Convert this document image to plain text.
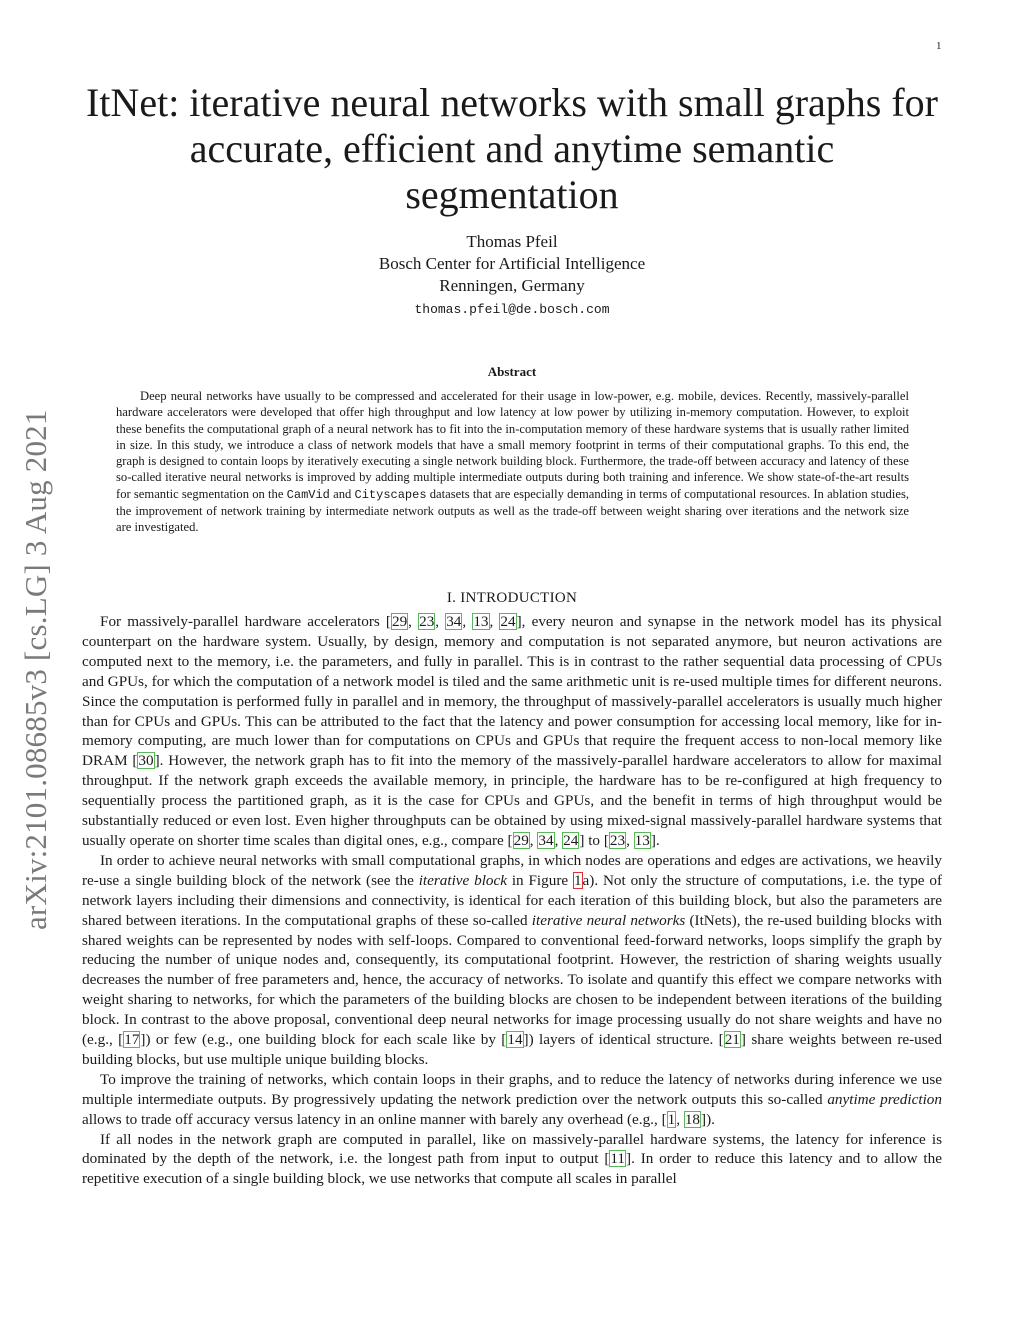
1
arXiv:2101.08685v3 [cs.LG] 3 Aug 2021
ItNet: iterative neural networks with small graphs for accurate, efficient and anytime semantic segmentation
Thomas Pfeil
Bosch Center for Artificial Intelligence
Renningen, Germany
thomas.pfeil@de.bosch.com
Abstract

Deep neural networks have usually to be compressed and accelerated for their usage in low-power, e.g. mobile, devices. Recently, massively-parallel hardware accelerators were developed that offer high throughput and low latency at low power by utilizing in-memory computation. However, to exploit these benefits the computational graph of a neural network has to fit into the in-computation memory of these hardware systems that is usually rather limited in size. In this study, we introduce a class of network models that have a small memory footprint in terms of their computational graphs. To this end, the graph is designed to contain loops by iteratively executing a single network building block. Furthermore, the trade-off between accuracy and latency of these so-called iterative neural networks is improved by adding multiple intermediate outputs during both training and inference. We show state-of-the-art results for semantic segmentation on the CamVid and Cityscapes datasets that are especially demanding in terms of computational resources. In ablation studies, the improvement of network training by intermediate network outputs as well as the trade-off between weight sharing over iterations and the network size are investigated.

I. INTRODUCTION

For massively-parallel hardware accelerators [29, 23, 34, 13, 24], every neuron and synapse in the network model has its physical counterpart on the hardware system. Usually, by design, memory and computation is not separated anymore, but neuron activations are computed next to the memory, i.e. the parameters, and fully in parallel. This is in contrast to the rather sequential data processing of CPUs and GPUs, for which the computation of a network model is tiled and the same arithmetic unit is re-used multiple times for different neurons. Since the computation is performed fully in parallel and in memory, the throughput of massively-parallel accelerators is usually much higher than for CPUs and GPUs. This can be attributed to the fact that the latency and power consumption for accessing local memory, like for in-memory computing, are much lower than for computations on CPUs and GPUs that require the frequent access to non-local memory like DRAM [30]. However, the network graph has to fit into the memory of the massively-parallel hardware accelerators to allow for maximal throughput. If the network graph exceeds the available memory, in principle, the hardware has to be re-configured at high frequency to sequentially process the partitioned graph, as it is the case for CPUs and GPUs, and the benefit in terms of high throughput would be substantially reduced or even lost. Even higher throughputs can be obtained by using mixed-signal massively-parallel hardware systems that usually operate on shorter time scales than digital ones, e.g., compare [29, 34, 24] to [23, 13].

In order to achieve neural networks with small computational graphs, in which nodes are operations and edges are activations, we heavily re-use a single building block of the network (see the iterative block in Figure 1a). Not only the structure of computations, i.e. the type of network layers including their dimensions and connectivity, is identical for each iteration of this building block, but also the parameters are shared between iterations. In the computational graphs of these so-called iterative neural networks (ItNets), the re-used building blocks with shared weights can be represented by nodes with self-loops. Compared to conventional feed-forward networks, loops simplify the graph by reducing the number of unique nodes and, consequently, its computational footprint. However, the restriction of sharing weights usually decreases the number of free parameters and, hence, the accuracy of networks. To isolate and quantify this effect we compare networks with weight sharing to networks, for which the parameters of the building blocks are chosen to be independent between iterations of the building block. In contrast to the above proposal, conventional deep neural networks for image processing usually do not share weights and have no (e.g., [17]) or few (e.g., one building block for each scale like by [14]) layers of identical structure. [21] share weights between re-used building blocks, but use multiple unique building blocks.

To improve the training of networks, which contain loops in their graphs, and to reduce the latency of networks during inference we use multiple intermediate outputs. By progressively updating the network prediction over the network outputs this so-called anytime prediction allows to trade off accuracy versus latency in an online manner with barely any overhead (e.g., [1, 18]).

If all nodes in the network graph are computed in parallel, like on massively-parallel hardware systems, the latency for inference is dominated by the depth of the network, i.e. the longest path from input to output [11]. In order to reduce this latency and to allow the repetitive execution of a single building block, we use networks that compute all scales in parallel
